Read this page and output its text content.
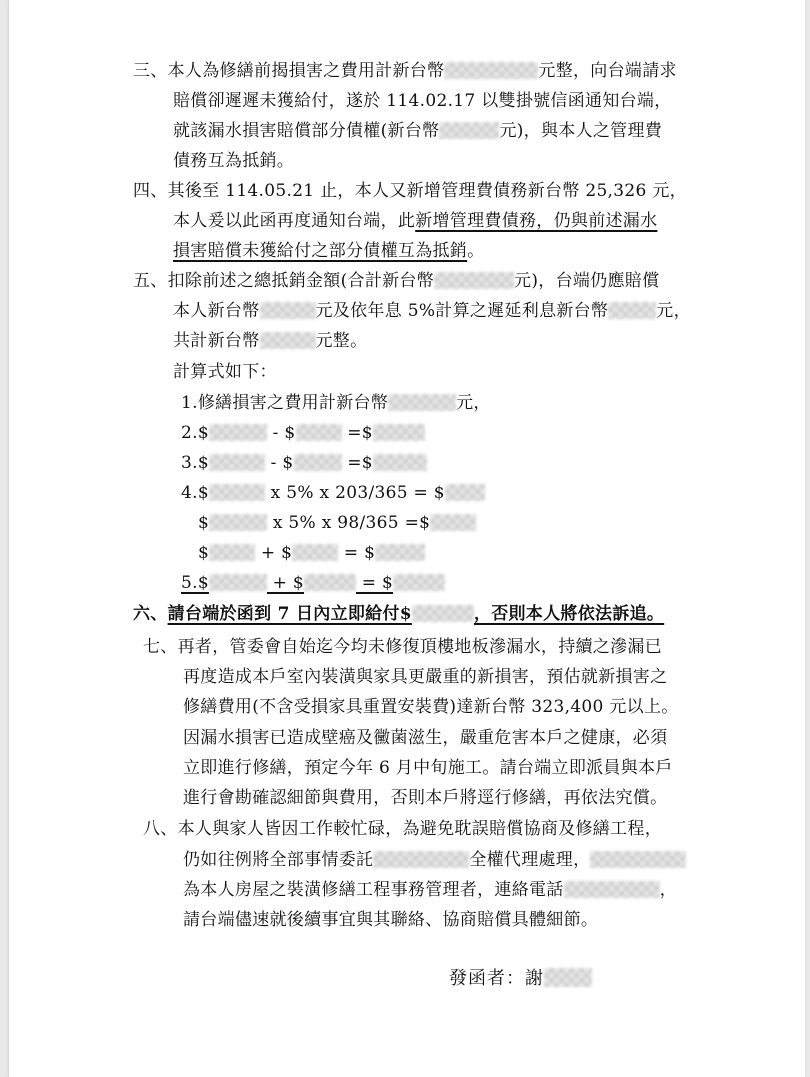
三、本人為修繕前揭損害之費用計新台幣	元整，向台端請求
賠償卻遲遲未獲給付，遂於 114.02.17 以雙掛號信函通知台端，
就該漏水損害賠償部分債權(新台幣	元)，與本人之管理費
債務互為抵銷。
四、其後至 114.05.21 止，本人又新增管理費債務新台幣 25,326 元，
本人爰以此函再度通知台端，此新增管理費債務，仍與前述漏水
損害賠償未獲給付之部分債權互為抵銷。
五、扣除前述之總抵銷金額(合計新台幣	元)，台端仍應賠償
本人新台幣	元及依年息 5%計算之遲延利息新台幣	元，
共計新台幣	元整。
計算式如下：
1.修繕損害之費用計新台幣	元，
2.$	- $	=$
3.$	- $	=$
4.$	x 5% x 203/365 = $
$	x 5% x 98/365 =$
$	+ $	= $
5.$	+ $	= $
六、請台端於函到 7 日內立即給付$	，否則本人將依法訴追。
七、再者，管委會自始迄今均未修復頂樓地板滲漏水，持續之滲漏已
再度造成本戶室內裝潢與家具更嚴重的新損害，預估就新損害之
修繕費用(不含受損家具重置安裝費)達新台幣 323,400 元以上。
因漏水損害已造成壁癌及黴菌滋生，嚴重危害本戶之健康，必須
立即進行修繕，預定今年 6 月中旬施工。請台端立即派員與本戶
進行會勘確認細節與費用，否則本戶將逕行修繕，再依法究償。
八、本人與家人皆因工作較忙碌，為避免耽誤賠償協商及修繕工程，
仍如往例將全部事情委託	全權代理處理，
為本人房屋之裝潢修繕工程事務管理者，連絡電話	，
請台端儘速就後續事宜與其聯絡、協商賠償具體細節。
發函者：謝
